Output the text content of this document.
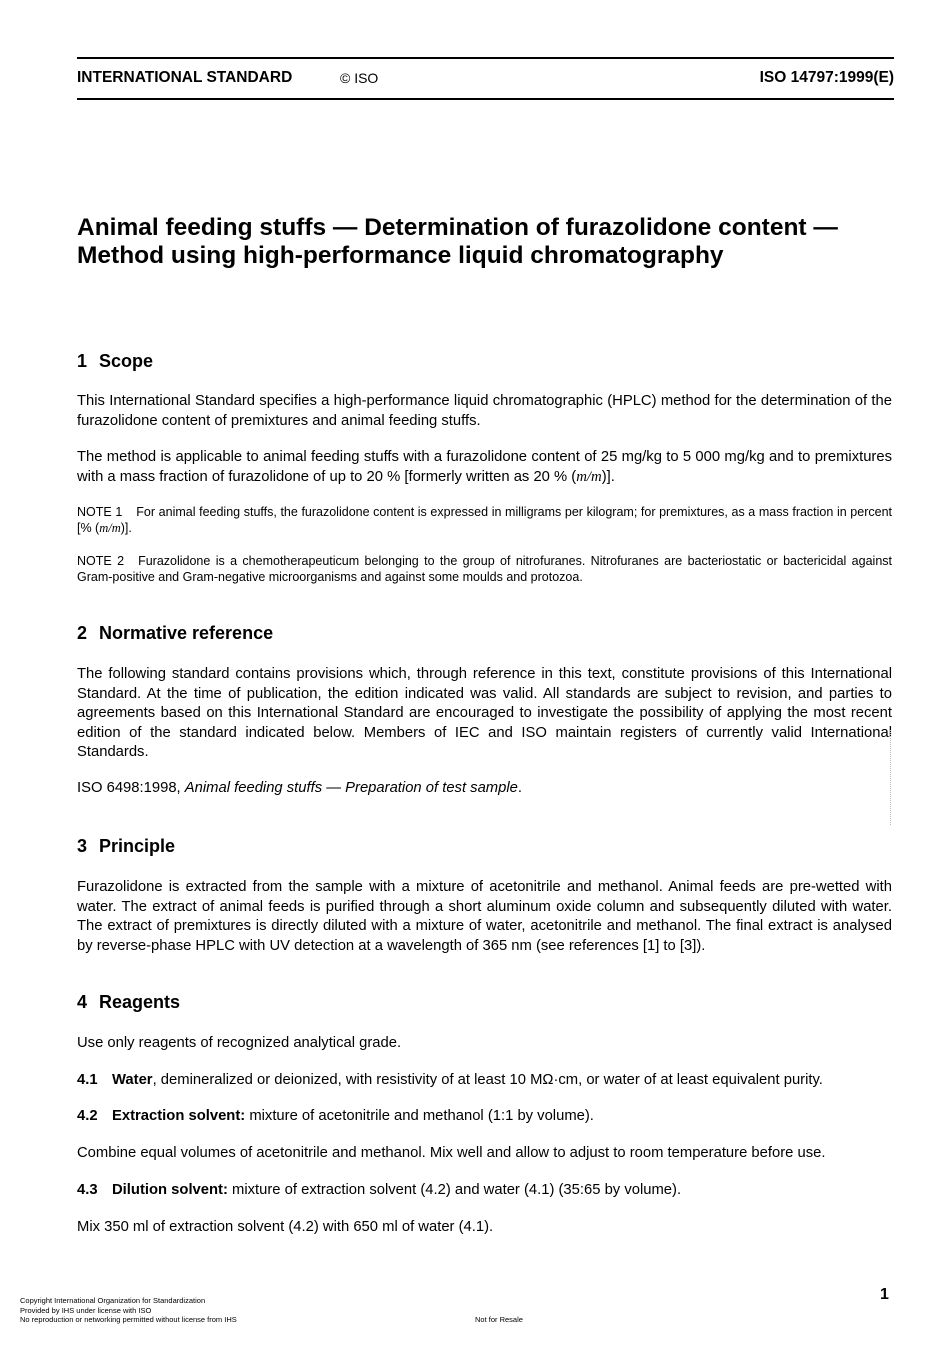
INTERNATIONAL STANDARD	© ISO	ISO 14797:1999(E)
Animal feeding stuffs — Determination of furazolidone content —
Method using high-performance liquid chromatography
1 Scope
This International Standard specifies a high-performance liquid chromatographic (HPLC) method for the determination of the furazolidone content of premixtures and animal feeding stuffs.
The method is applicable to animal feeding stuffs with a furazolidone content of 25 mg/kg to 5 000 mg/kg and to premixtures with a mass fraction of furazolidone of up to 20 % [formerly written as 20 % (m/m)].
NOTE 1 For animal feeding stuffs, the furazolidone content is expressed in milligrams per kilogram; for premixtures, as a mass fraction in percent [% (m/m)].
NOTE 2 Furazolidone is a chemotherapeuticum belonging to the group of nitrofuranes. Nitrofuranes are bacteriostatic or bactericidal against Gram-positive and Gram-negative microorganisms and against some moulds and protozoa.
2 Normative reference
The following standard contains provisions which, through reference in this text, constitute provisions of this International Standard. At the time of publication, the edition indicated was valid. All standards are subject to revision, and parties to agreements based on this International Standard are encouraged to investigate the possibility of applying the most recent edition of the standard indicated below. Members of IEC and ISO maintain registers of currently valid International Standards.
ISO 6498:1998, Animal feeding stuffs — Preparation of test sample.
3 Principle
Furazolidone is extracted from the sample with a mixture of acetonitrile and methanol. Animal feeds are pre-wetted with water. The extract of animal feeds is purified through a short aluminum oxide column and subsequently diluted with water. The extract of premixtures is directly diluted with a mixture of water, acetonitrile and methanol. The final extract is analysed by reverse-phase HPLC with UV detection at a wavelength of 365 nm (see references [1] to [3]).
4 Reagents
Use only reagents of recognized analytical grade.
4.1 Water, demineralized or deionized, with resistivity of at least 10 MΩ·cm, or water of at least equivalent purity.
4.2 Extraction solvent: mixture of acetonitrile and methanol (1:1 by volume).
Combine equal volumes of acetonitrile and methanol. Mix well and allow to adjust to room temperature before use.
4.3 Dilution solvent: mixture of extraction solvent (4.2) and water (4.1) (35:65 by volume).
Mix 350 ml of extraction solvent (4.2) with 650 ml of water (4.1).
1
Copyright International Organization for Standardization
Provided by IHS under license with ISO
No reproduction or networking permitted without license from IHS	Not for Resale
